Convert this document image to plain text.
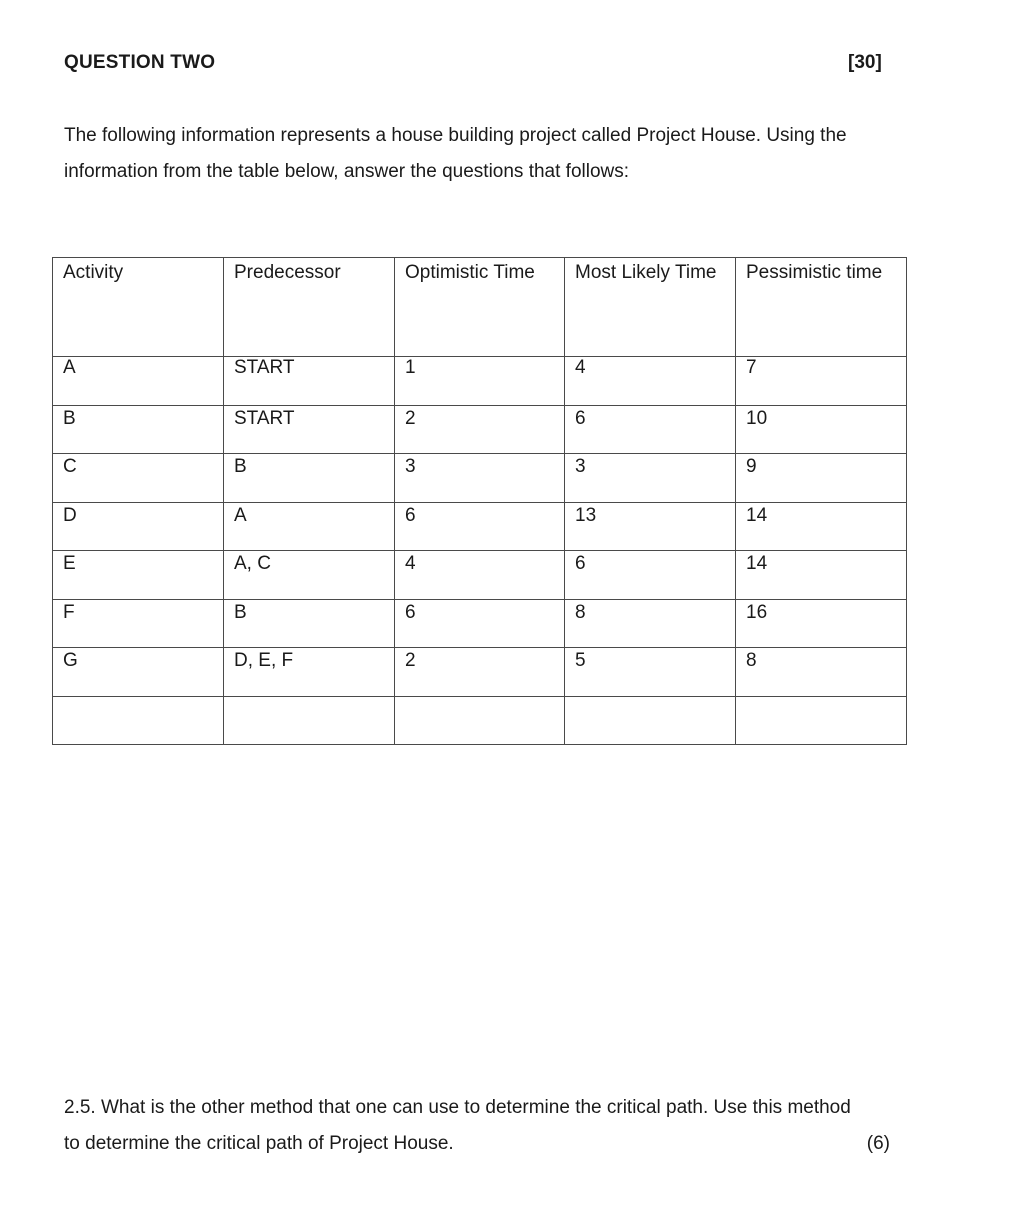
QUESTION TWO	[30]

The following information represents a house building project called Project House. Using the

information from the table below, answer the questions that follows:

Activity	Predecessor	Optimistic Time	Most Likely Time	Pessimistic time
A	START	1	4	7
B	START	2	6	10
C	B	3	3	9
D	A	6	13	14
E	A, C	4	6	14
F	B	6	8	16
G	D, E, F	2	5	8

2.5. What is the other method that one can use to determine the critical path. Use this method

to determine the critical path of Project House.	(6)
